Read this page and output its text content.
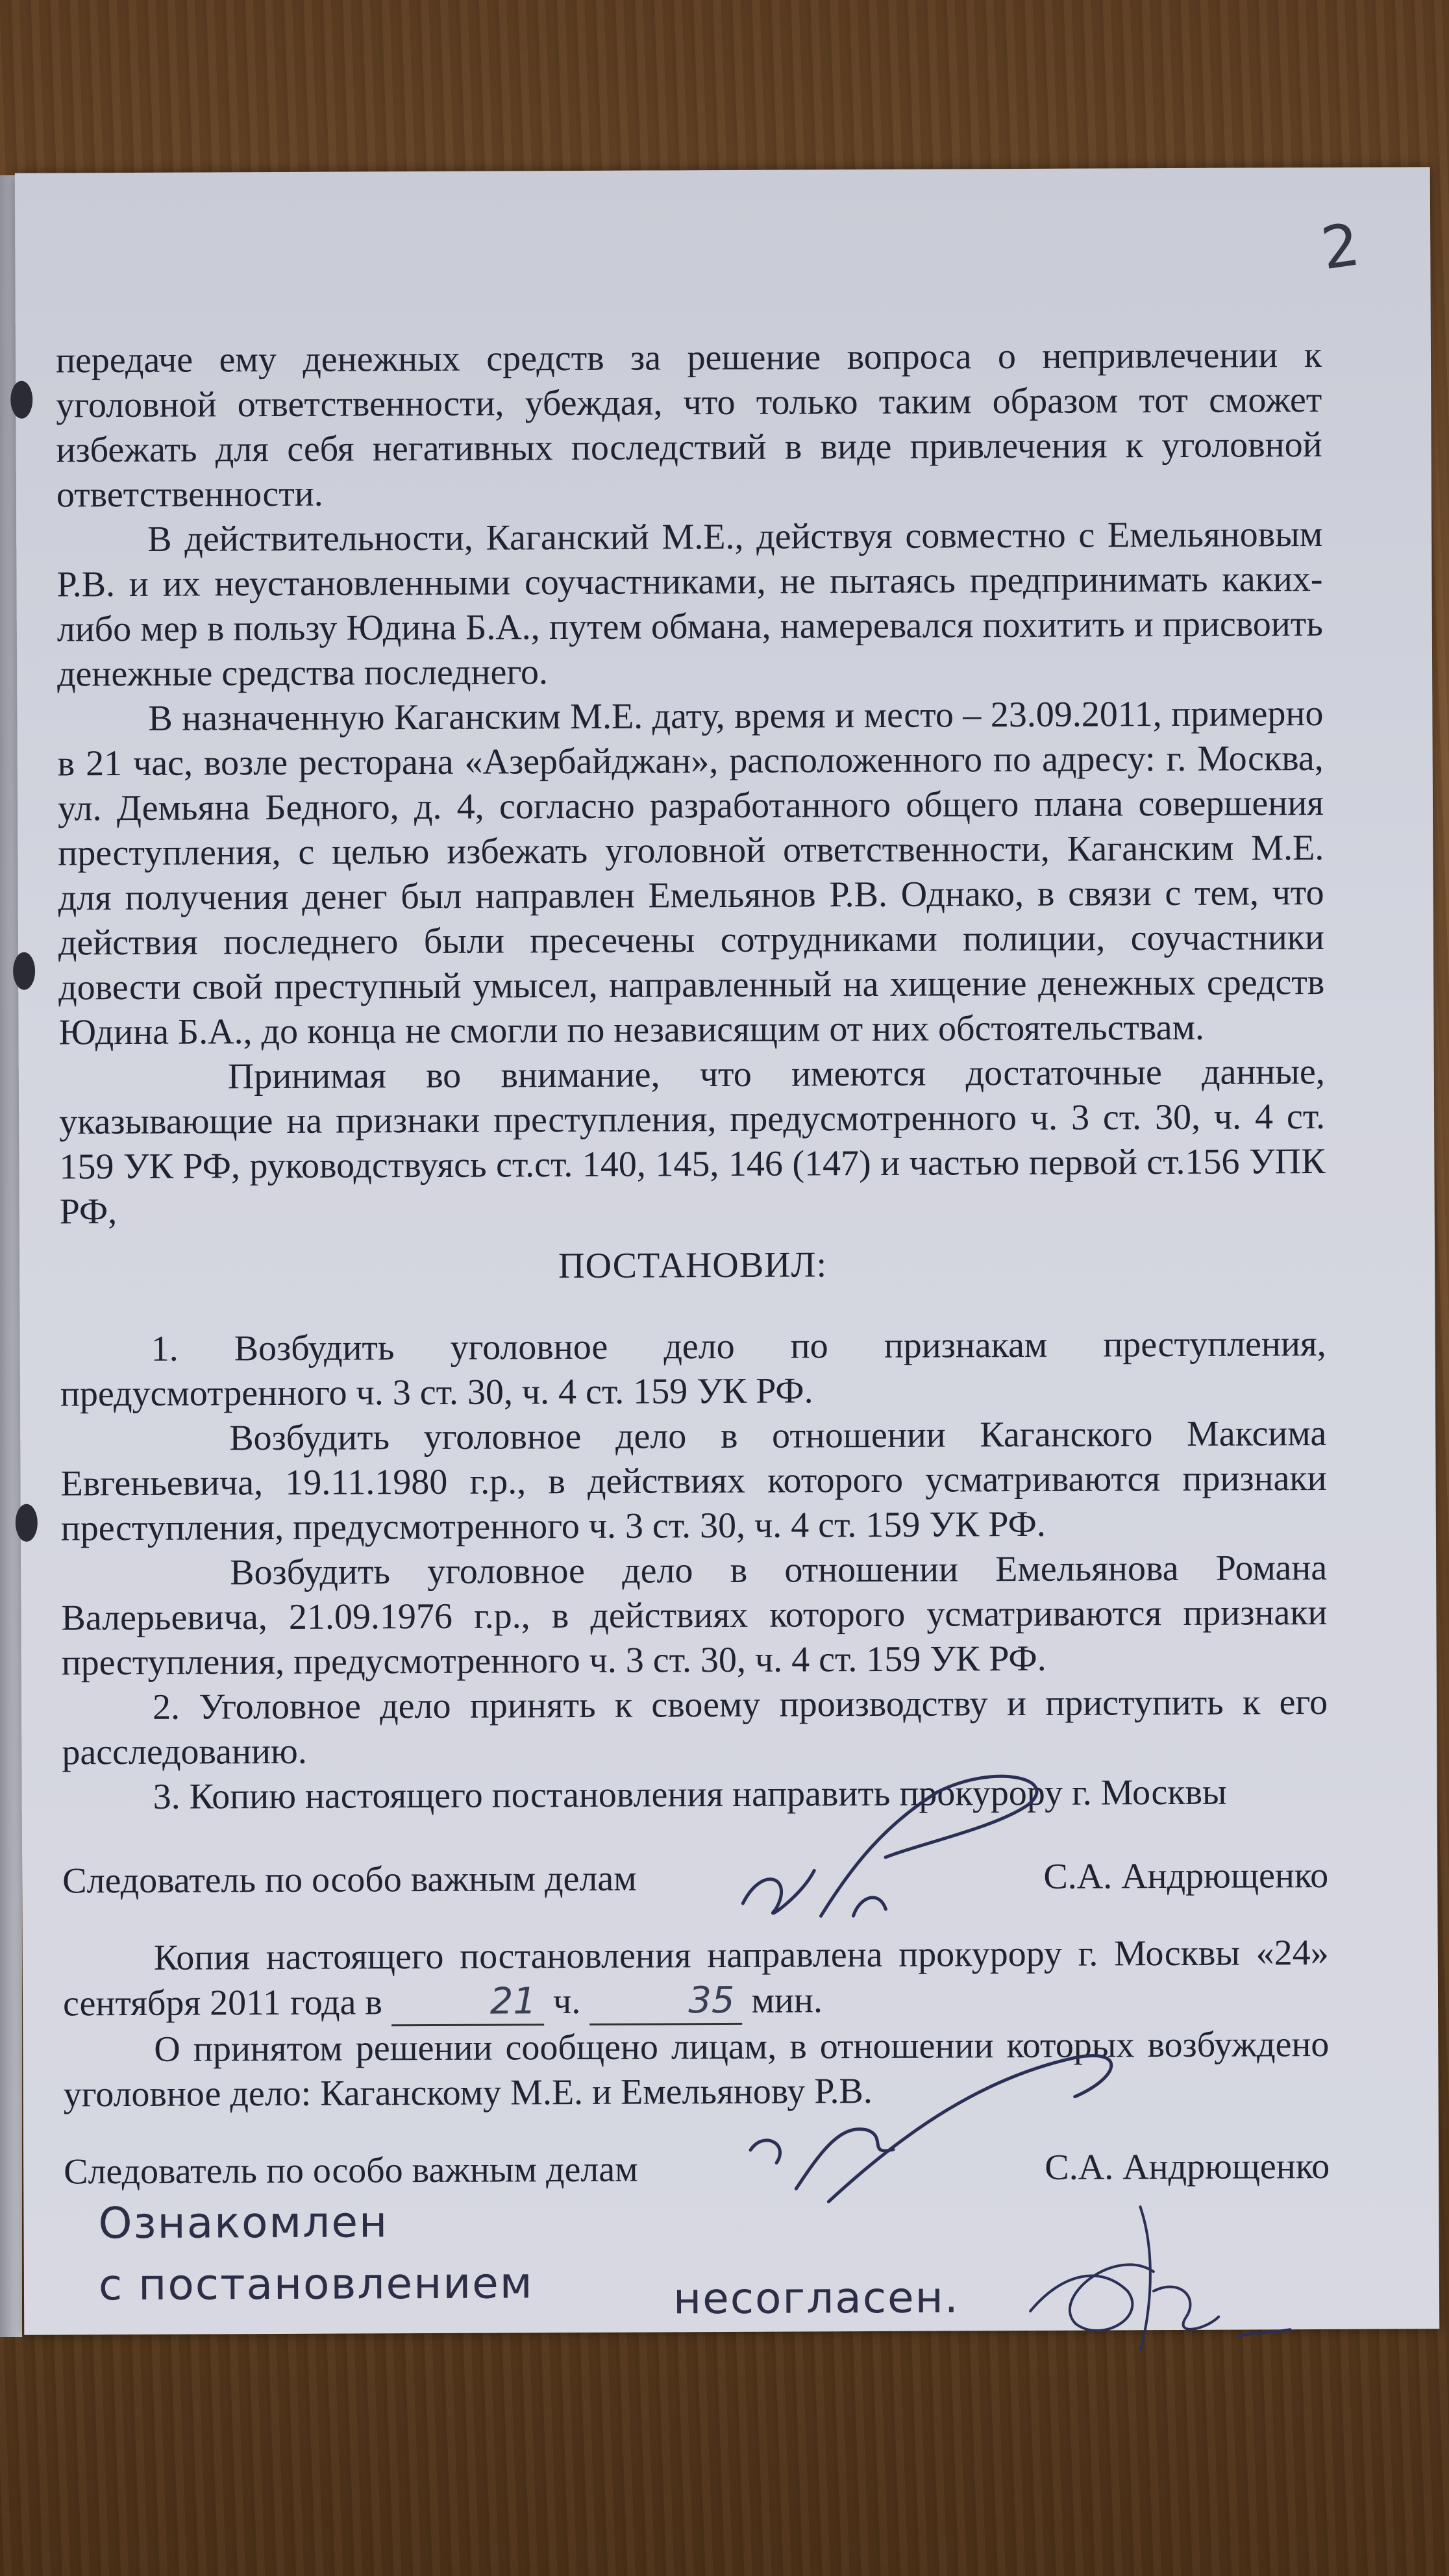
2

передаче ему денежных средств за решение вопроса о непривлечении к уголовной ответственности, убеждая, что только таким образом тот сможет избежать для себя негативных последствий в виде привлечения к уголовной ответственности.

В действительности, Каганский М.Е., действуя совместно с Емельяновым Р.В. и их неустановленными соучастниками, не пытаясь предпринимать каких-либо мер в пользу Юдина Б.А., путем обмана, намеревался похитить и присвоить денежные средства последнего.

В назначенную Каганским М.Е. дату, время и место – 23.09.2011, примерно в 21 час, возле ресторана «Азербайджан», расположенного по адресу: г. Москва, ул. Демьяна Бедного, д. 4, согласно разработанного общего плана совершения преступления, с целью избежать уголовной ответственности, Каганским М.Е. для получения денег был направлен Емельянов Р.В. Однако, в связи с тем, что действия последнего были пресечены сотрудниками полиции, соучастники довести свой преступный умысел, направленный на хищение денежных средств Юдина Б.А., до конца не смогли по независящим от них обстоятельствам.

Принимая во внимание, что имеются достаточные данные, указывающие на признаки преступления, предусмотренного ч. 3 ст. 30, ч. 4 ст. 159 УК РФ, руководствуясь ст.ст. 140, 145, 146 (147) и частью первой ст.156 УПК РФ,

ПОСТАНОВИЛ:

1. Возбудить уголовное дело по признакам преступления, предусмотренного ч. 3 ст. 30, ч. 4 ст. 159 УК РФ.

Возбудить уголовное дело в отношении Каганского Максима Евгеньевича, 19.11.1980 г.р., в действиях которого усматриваются признаки преступления, предусмотренного ч. 3 ст. 30, ч. 4 ст. 159 УК РФ.

Возбудить уголовное дело в отношении Емельянова Романа Валерьевича, 21.09.1976 г.р., в действиях которого усматриваются признаки преступления, предусмотренного ч. 3 ст. 30, ч. 4 ст. 159 УК РФ.

2. Уголовное дело принять к своему производству и приступить к его расследованию.

3. Копию настоящего постановления направить прокурору г. Москвы

Следователь по особо важным делам	С.А. Андрющенко

Копия настоящего постановления направлена прокурору г. Москвы «24» сентября 2011 года в	21 ч.	35 мин.

О принятом решении сообщено лицам, в отношении которых возбуждено уголовное дело: Каганскому М.Е. и Емельянову Р.В.

Следователь по особо важным делам	С.А. Андрющенко
Ознакомлен
с постановлением	несогласен.
